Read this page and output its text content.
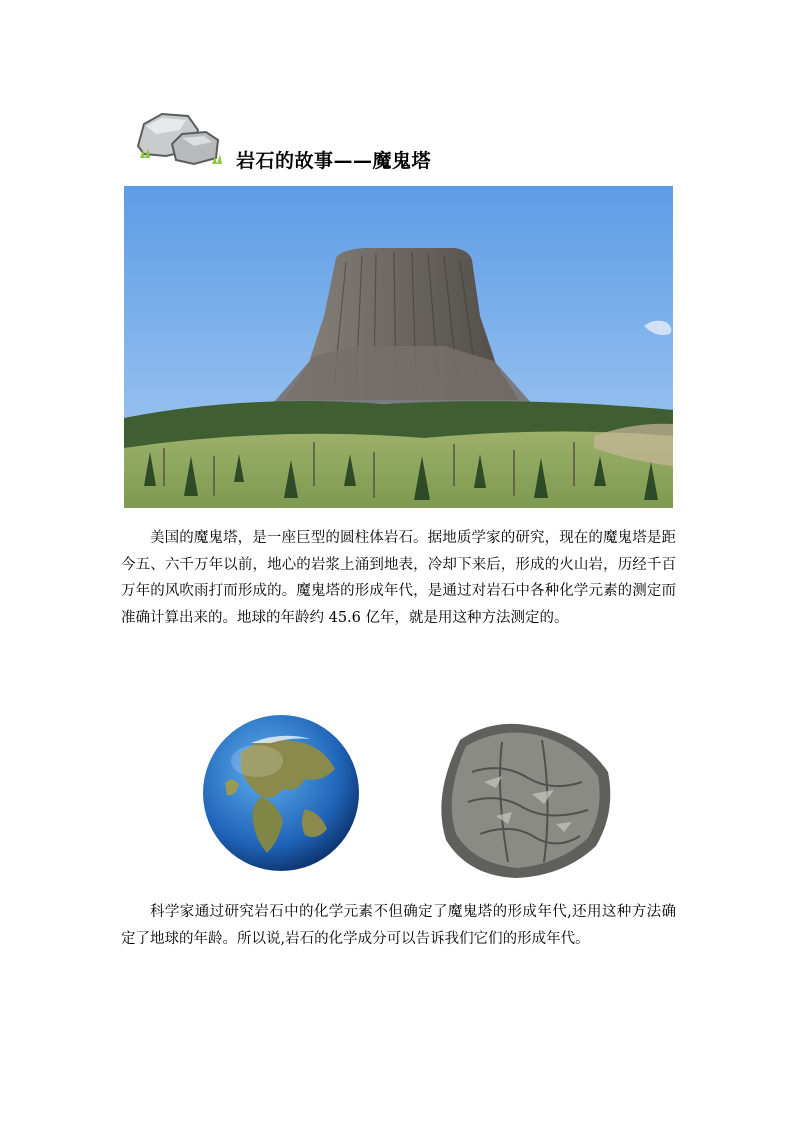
岩石的故事——魔鬼塔

美国的魔鬼塔，是一座巨型的圆柱体岩石。据地质学家的研究，现在的魔鬼塔是距今五、六千万年以前，地心的岩浆上涌到地表，冷却下来后，形成的火山岩，历经千百万年的风吹雨打而形成的。魔鬼塔的形成年代，是通过对岩石中各种化学元素的测定而准确计算出来的。地球的年龄约 45.6 亿年，就是用这种方法测定的。

科学家通过研究岩石中的化学元素不但确定了魔鬼塔的形成年代,还用这种方法确定了地球的年龄。所以说,岩石的化学成分可以告诉我们它们的形成年代。
